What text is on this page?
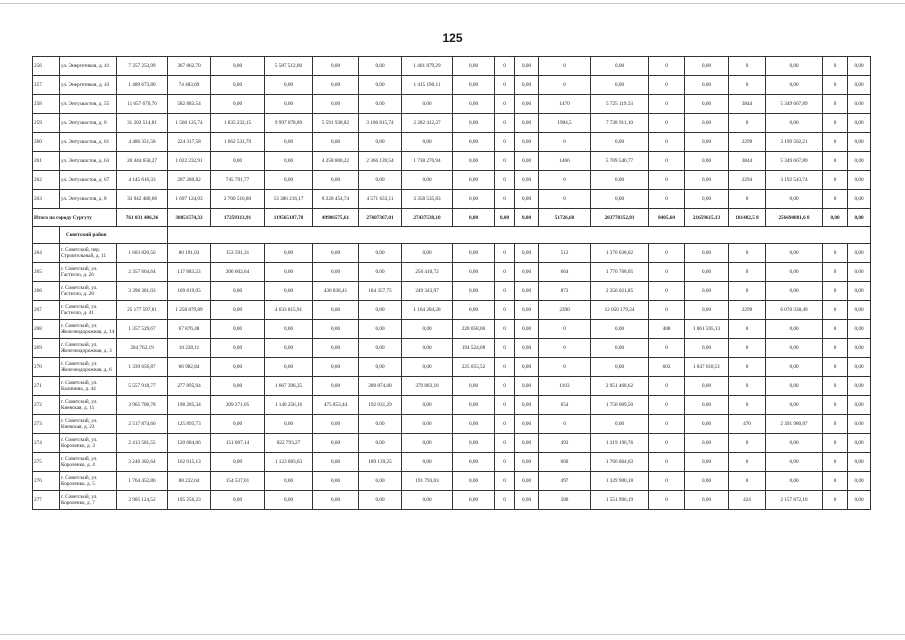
125
256	ул. Энергетиков, д. 41	7 357 253,99	367 862,70	0,00	5 587 512,00	0,00	0,00	1 401 879,29	0,00	0	0,00	0	0,00	0	0,00	0	0,00	0	0,00
257	ул. Энергетиков, д. 43	1 489 673,80	74 483,69	0,00	0,00	0,00	0,00	1 415 190,11	0,00	0	0,00	0	0,00	0	0,00	0	0,00	0	0,00
258	ул. Энтузиастов, д. 55	11 657 670,76	582 883,54	0,00	0,00	0,00	0,00	0,00	0,00	0	0,00	1470	5 725 119,33	0	0,00	3844	5 349 667,89	0	0,00
259	ул. Энтузиастов, д. 6	31 202 514,81	1 560 125,74	1 835 232,15	9 997 078,89	5 591 938,82	3 106 815,74	2 282 412,37	0,00	0	0,00	1984,5	7 728 911,10	0	0,00	0	0,00	0	0,00
260	ул. Энтузиастов, д. 61	4 486 351,58	224 317,58	1 062 531,79	0,00	0,00	0,00	0,00	0,00	0	0,00	0	0,00	0	0,00	2299	3 199 502,21	0	0,00
261	ул. Энтузиастов, д. 63	20 444 658,27	1 022 232,91	0,00	0,00	4 258 800,22	2 366 139,54	1 738 276,94	0,00	0	0,00	1466	5 709 540,77	0	0,00	3844	5 349 667,89	0	0,00
262	ул. Энтузиастов, д. 67	4 145 616,33	207 280,82	745 791,77	0,00	0,00	0,00	0,00	0,00	0	0,00	0	0,00	0	0,00	2294	3 192 543,74	0	0,00
263	ул. Энтузиастов, д. 8	33 942 480,68	1 697 124,03	2 700 516,80	13 386 216,17	8 228 454,74	4 571 633,11	3 358 535,83	0,00	0	0,00	0	0,00	0	0,00	0	0,00	0	0,00
Итого по городу Сургуту		761 031 486,36	38051574,33	17259313,91	119565187,78	49986575,61	27607367,01	27437538,10	0,00	0,00	0,00	51726,60	203770352,81	8405,60	21659615,13	181482,5 8	256694081,6 8	0,00	0,00
	Советский район																		
264	г. Советский, пер. Строительный, д. 11	1 603 820,56	80 191,03	153 591,31	0,00	0,00	0,00	0,00	0,00	0	0,00	512	1 370 038,02	0	0,00	0	0,00	0	0,00
265	г. Советский, ул. Гастелло, д. 26	2 357 664,64	117 883,23	206 602,64	0,00	0,00	0,00	256 410,72	0,00	0	0,00	664	1 776 768,05	0	0,00	0	0,00	0	0,00
266	г. Советский, ул. Гастелло, д. 28	3 396 381,03	169 819,05	0,00	0,00	436 838,41	184 357,75	249 343,97	0,00	0	0,00	873	2 356 021,85	0	0,00	0	0,00	0	0,00
267	г. Советский, ул. Гастелло, д. 41	25 177 597,81	1 258 879,89	0,00	4 633 815,91	0,00	0,00	1 164 284,28	0,00	0	0,00	2390	12 050 179,24	0	0,00	2299	6 070 338,49	0	0,00
268	г. Советский, ул. Железнодорожная, д. 14	1 357 529,67	67 876,48	0,00	0,00	0,00	0,00	0,00	228 058,06	0	0,00	0	0,00	488	1 061 595,13	0	0,00	0	0,00
269	г. Советский, ул. Железнодорожная, д. 3	204 762,19	10 238,11	0,00	0,00	0,00	0,00	0,00	194 524,08	0	0,00	0	0,00	0	0,00	0	0,00	0	0,00
270	г. Советский, ул. Железнодорожная, д. 6	1 339 656,87	66 982,84	0,00	0,00	0,00	0,00	0,00	225 055,52	0	0,00	0	0,00	603	1 047 618,51	0	0,00	0	0,00
271	г. Советский, ул. Калинина, д. 44	5 557 918,77	277 895,94	0,00	1 667 396,35	0,00	280 874,68	379 883,18	0,00	0	0,00	1103	2 951 468,62	0	0,00	0	0,00	0	0,00
272	г. Советский, ул. Киевская, д. 11	3 965 706,78	198 285,34	209 271,05	1 140 256,16	475 853,44	192 031,29	0,00	0,00	0	0,00	654	1 750 009,50	0	0,00	0	0,00	0	0,00
273	г. Советский, ул. Киевская, д. 23	2 517 874,60	125 893,73	0,00	0,00	0,00	0,00	0,00	0,00	0	0,00	0	0,00	0	0,00	470	2 391 980,87	0	0,00
274	г. Советский, ул. Короленко, д. 3	2 413 581,55	120 684,06	151 007,14	822 793,27	0,00	0,00	0,00	0,00	0	0,00	493	1 319 196,76	0	0,00	0	0,00	0	0,00
275	г. Советский, ул. Короленко, д. 4	3 240 302,64	162 015,13	0,00	1 123 083,63	0,00	189 139,25	0,00	0,00	0	0,00	660	1 766 064,63	0	0,00	0	0,00	0	0,00
276	г. Советский, ул. Короленко, д. 5	1 764 452,86	88 222,64	154 537,01	0,00	0,00	0,00	191 793,03	0,00	0	0,00	497	1 329 900,18	0	0,00	0	0,00	0	0,00
277	г. Советский, ул. Короленко, д. 7	3 905 124,52	195 256,23	0,00	0,00	0,00	0,00	0,00	0,00	0	0,00	580	1 551 996,19	0	0,00	424	2 157 872,10	0	0,00
